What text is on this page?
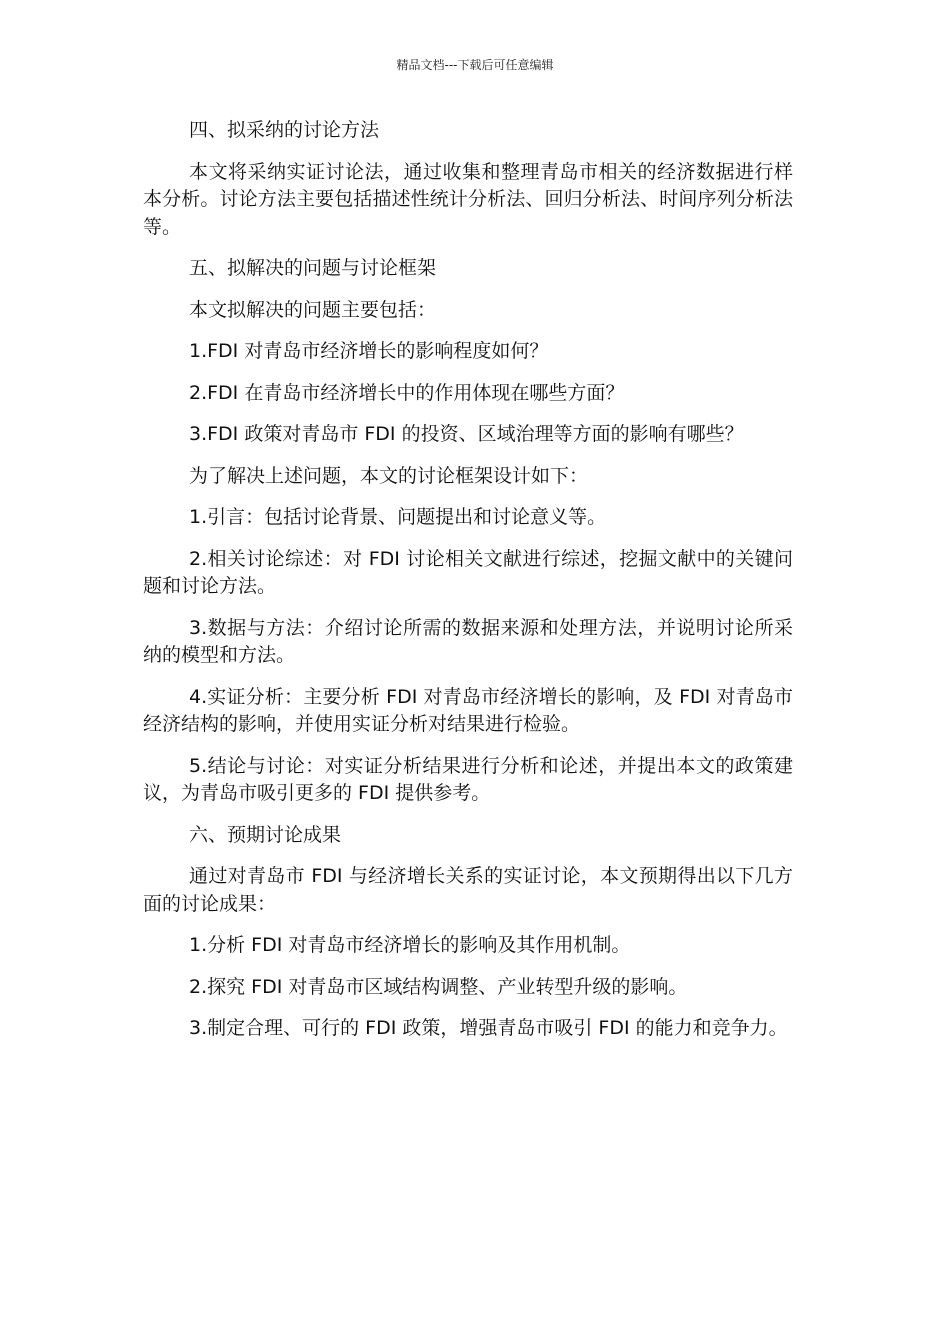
精品文档---下载后可任意编辑

四、拟采纳的讨论方法

本文将采纳实证讨论法，通过收集和整理青岛市相关的经济数据进行样本分析。讨论方法主要包括描述性统计分析法、回归分析法、时间序列分析法等。

五、拟解决的问题与讨论框架

本文拟解决的问题主要包括：

1.FDI 对青岛市经济增长的影响程度如何？

2.FDI 在青岛市经济增长中的作用体现在哪些方面？

3.FDI 政策对青岛市 FDI 的投资、区域治理等方面的影响有哪些？

为了解决上述问题，本文的讨论框架设计如下：

1.引言：包括讨论背景、问题提出和讨论意义等。

2.相关讨论综述：对 FDI 讨论相关文献进行综述，挖掘文献中的关键问题和讨论方法。

3.数据与方法：介绍讨论所需的数据来源和处理方法，并说明讨论所采纳的模型和方法。

4.实证分析：主要分析 FDI 对青岛市经济增长的影响，及 FDI 对青岛市经济结构的影响，并使用实证分析对结果进行检验。

5.结论与讨论：对实证分析结果进行分析和论述，并提出本文的政策建议，为青岛市吸引更多的 FDI 提供参考。

六、预期讨论成果

通过对青岛市 FDI 与经济增长关系的实证讨论，本文预期得出以下几方面的讨论成果：

1.分析 FDI 对青岛市经济增长的影响及其作用机制。

2.探究 FDI 对青岛市区域结构调整、产业转型升级的影响。

3.制定合理、可行的 FDI 政策，增强青岛市吸引 FDI 的能力和竞争力。
